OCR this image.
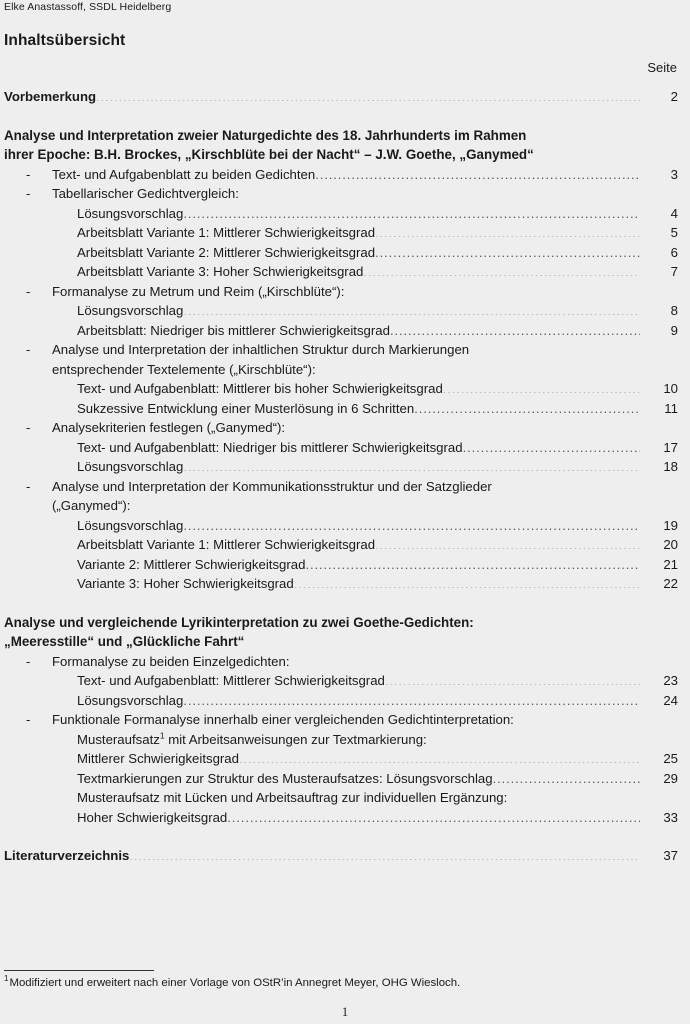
Elke Anastassoff, SSDL Heidelberg
Inhaltsübersicht
Seite
Vorbemerkung .....	2
Analyse und Interpretation zweier Naturgedichte des 18. Jahrhunderts im Rahmen
ihrer Epoche: B.H. Brockes, „Kirschblüte bei der Nacht“ – J.W. Goethe, „Ganymed“
-	Text- und Aufgabenblatt zu beiden Gedichten .....	3
-	Tabellarischer Gedichtvergleich:
Lösungsvorschlag .....	4
Arbeitsblatt Variante 1: Mittlerer Schwierigkeitsgrad .....	5
Arbeitsblatt Variante 2: Mittlerer Schwierigkeitsgrad .....	6
Arbeitsblatt Variante 3: Hoher Schwierigkeitsgrad .....	7
-	Formanalyse zu Metrum und Reim („Kirschblüte“):
Lösungsvorschlag .....	8
Arbeitsblatt: Niedriger bis mittlerer Schwierigkeitsgrad .....	9
-	Analyse und Interpretation der inhaltlichen Struktur durch Markierungen
entsprechender Textelemente („Kirschblüte“):
Text- und Aufgabenblatt: Mittlerer bis hoher Schwierigkeitsgrad .....	10
Sukzessive Entwicklung einer Musterlösung in 6 Schritten .....	11
-	Analysekriterien festlegen („Ganymed“):
Text- und Aufgabenblatt: Niedriger bis mittlerer Schwierigkeitsgrad .....	17
Lösungsvorschlag .....	18
-	Analyse und Interpretation der Kommunikationsstruktur und der Satzglieder
(„Ganymed“):
Lösungsvorschlag .....	19
Arbeitsblatt Variante 1: Mittlerer Schwierigkeitsgrad .....	20
Variante 2: Mittlerer Schwierigkeitsgrad .....	21
Variante 3: Hoher Schwierigkeitsgrad .....	22
Analyse und vergleichende Lyrikinterpretation zu zwei Goethe-Gedichten:
„Meeresstille“ und „Glückliche Fahrt“
-	Formanalyse zu beiden Einzelgedichten:
Text- und Aufgabenblatt: Mittlerer Schwierigkeitsgrad .....	23
Lösungsvorschlag .....	24
-	Funktionale Formanalyse innerhalb einer vergleichenden Gedichtinterpretation:
Musteraufsatz$^1$ mit Arbeitsanweisungen zur Textmarkierung:
Mittlerer Schwierigkeitsgrad .....	25
Textmarkierungen zur Struktur des Musteraufsatzes: Lösungsvorschlag .....	29
Musteraufsatz mit Lücken und Arbeitsauftrag zur individuellen Ergänzung:
Hoher Schwierigkeitsgrad .....	33
Literaturverzeichnis .....	37
$^1$Modifiziert und erweitert nach einer Vorlage von OStR’in Annegret Meyer, OHG Wiesloch.
1
